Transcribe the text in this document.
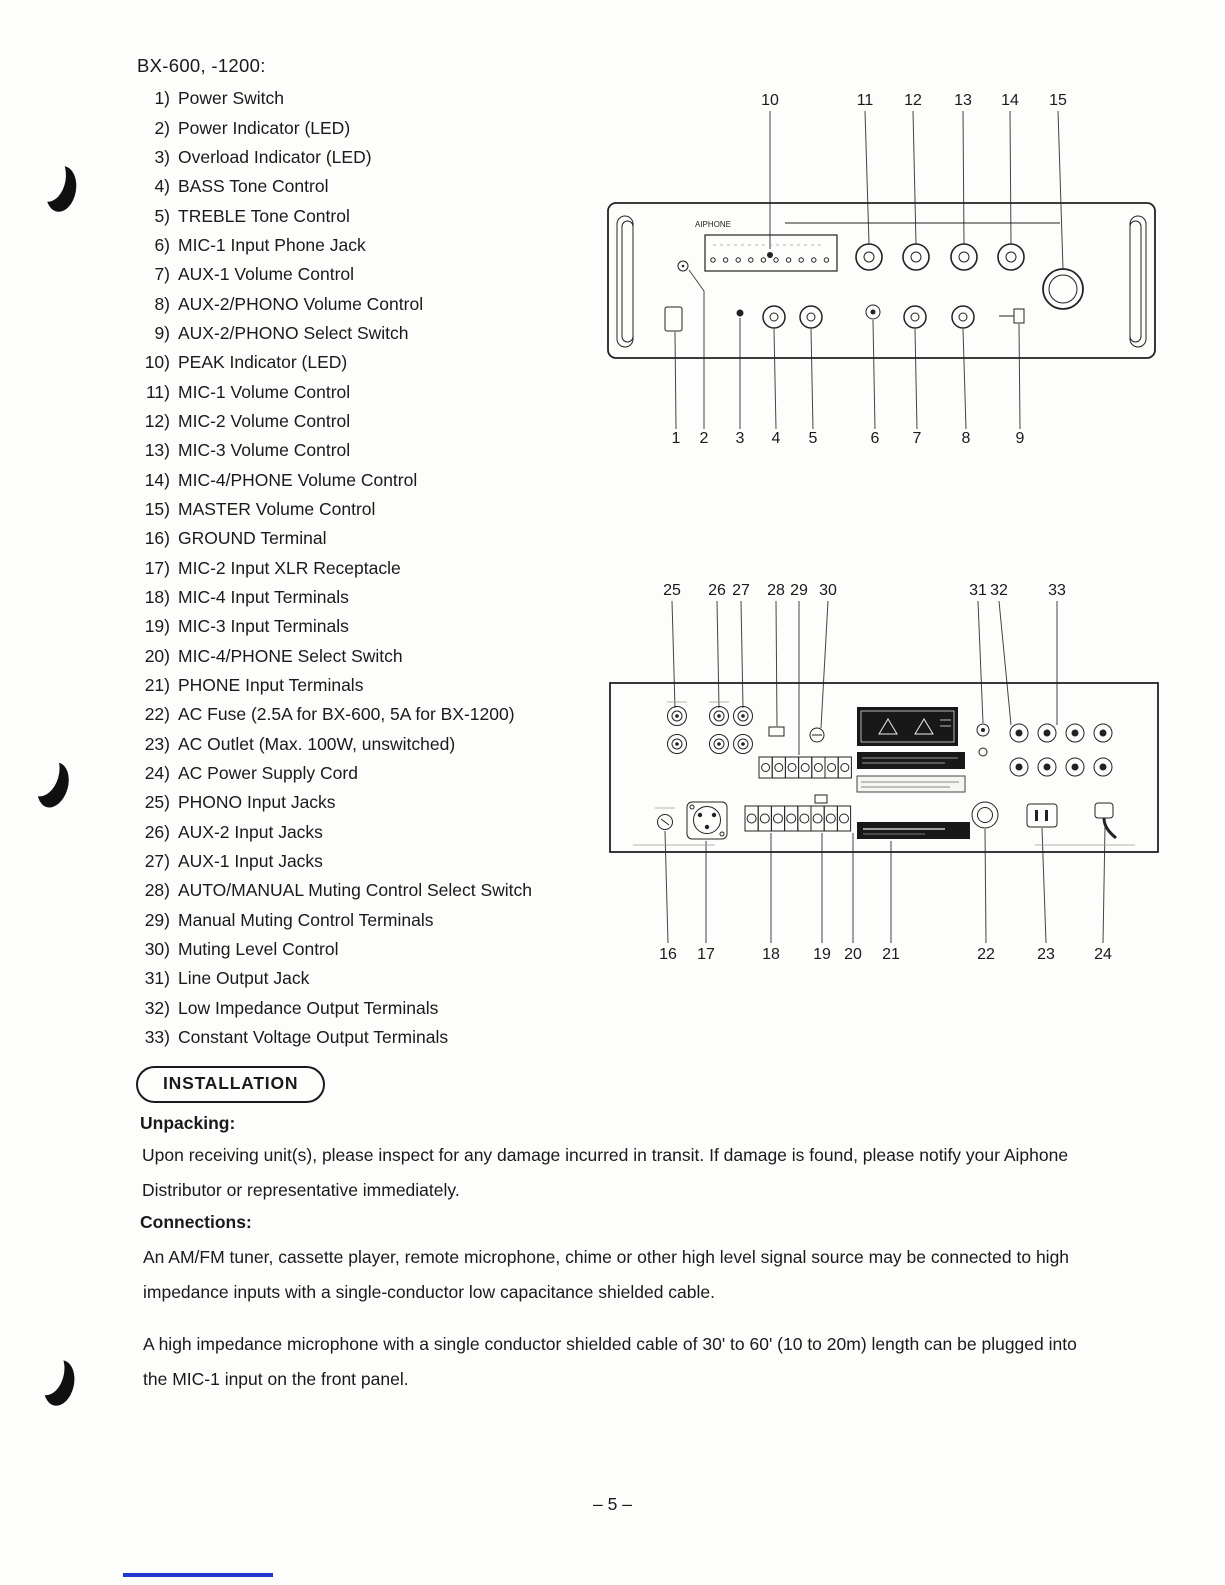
BX-600, -1200:
1) Power Switch
2) Power Indicator (LED)
3) Overload Indicator (LED)
4) BASS Tone Control
5) TREBLE Tone Control
6) MIC-1 Input Phone Jack
7) AUX-1 Volume Control
8) AUX-2/PHONO Volume Control
9) AUX-2/PHONO Select Switch
10) PEAK Indicator (LED)
11) MIC-1 Volume Control
12) MIC-2 Volume Control
13) MIC-3 Volume Control
14) MIC-4/PHONE Volume Control
15) MASTER Volume Control
16) GROUND Terminal
17) MIC-2 Input XLR Receptacle
18) MIC-4 Input Terminals
19) MIC-3 Input Terminals
20) MIC-4/PHONE Select Switch
21) PHONE Input Terminals
22) AC Fuse (2.5A for BX-600, 5A for BX-1200)
23) AC Outlet (Max. 100W, unswitched)
24) AC Power Supply Cord
25) PHONO Input Jacks
26) AUX-2 Input Jacks
27) AUX-1 Input Jacks
28) AUTO/MANUAL Muting Control Select Switch
29) Manual Muting Control Terminals
30) Muting Level Control
31) Line Output Jack
32) Low Impedance Output Terminals
33) Constant Voltage Output Terminals
10	11 12 13 14 15
AIPHONE
1 2 3 4 5	6 7	8	9
25 26 27 28 29 30	31 32	33
16 17	18 19 20 21	22	23 24
INSTALLATION
Unpacking:

Upon receiving unit(s), please inspect for any damage incurred in transit. If damage is found, please notify your Aiphone Distributor or representative immediately.

Connections:

An AM/FM tuner, cassette player, remote microphone, chime or other high level signal source may be connected to high impedance inputs with a single-conductor low capacitance shielded cable.

A high impedance microphone with a single conductor shielded cable of 30' to 60' (10 to 20m) length can be plugged into the MIC-1 input on the front panel.

– 5 –
